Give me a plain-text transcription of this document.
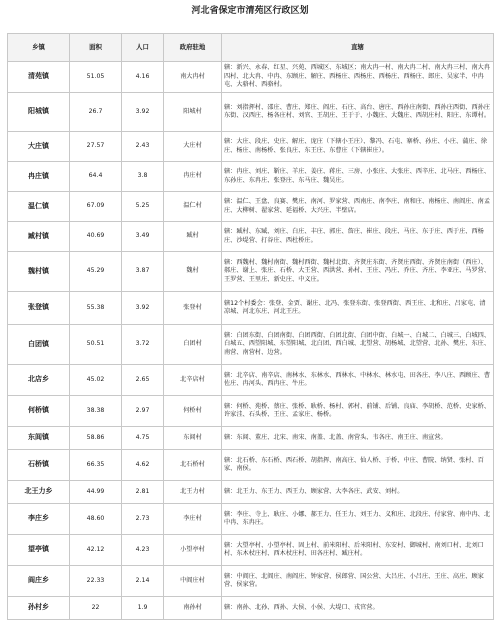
河北省保定市清苑区行政区划
乡镇	面积	人口	政府驻地	直辖
清苑镇	51.05	4.16	南大冉村	辖：新兴、永春、红星、兴苑、西城区、东城区；南大冉一村、南大冉二村、南大冉三村、南大冉四村、北大冉、中冉、东顾庄、解庄、西杨庄、西杨庄、西杨庄、西杨庄、郎庄、吴家半、中冉屯、大骆村、西骆村。
阳城镇	26.7	3.92	阳城村	辖：刘指挥村、邵庄、曹庄、郑庄、阎庄、石庄、高台、唐庄、西孙庄南街、西孙庄西街、西孙庄东街、汉西庄、杨各庄村、刘官、王胡庄、王于于、小魏庄、大魏庄、西胡庄村、阳庄、东谭村。
大庄镇	27.57	2.43	大庄村	辖：大庄、段庄、史庄、解庄、庞庄（下辖小王庄）、黎冯、石屯、寨桥、孙庄、小庄、蒲庄、徐庄、杨庄、南杨桥、张良庄、东王庄、东曹庄（下辖崔庄）。
冉庄镇	64.4	3.8	冉庄村	辖：冉庄、刘庄、靳庄、羊庄、姜庄、蒋庄、三房、小张庄、大张庄、西辛庄、北马庄、西杨庄、东孙庄、东冉庄、张登庄、东马庄、魏吴庄。
温仁镇	67.09	5.25	温仁村	辖：温仁、王盘、良赛、樊庄、南河、罗家营、西南庄、南李庄、南和庄、南杨庄、南阎庄、南孟庄、大柳树、翟家营、延福桥、大兴庄、半壁店。
臧村镇	40.69	3.49	臧村	辖：臧村、东臧、刘庄、白庄、丰庄、郭庄、詹庄、崔庄、段庄、马庄、东于庄、西于庄、西杨庄、沙堤营、打谷庄、西杜桥庄。
魏村镇	45.29	3.87	魏村	辖：西魏村、魏村南街、魏村西街、魏村北街、齐贤庄东街、齐贤庄西街、齐贤庄南街（西庄）、郝庄、谢上、张庄、石桥、大王营、西洪营、孙村、王庄、冯庄、乔庄、齐庄、李亚庄、马罗营、王罗营、王里庄、新史庄、中义庄。
张登镇	55.38	3.92	张登村	辖12个村委会：张登、金贾、谢庄、北冯、张登东街、张登西街、西王庄、北和庄、吕家屯、清凉城、河北东庄、河北王庄。
白团镇	50.51	3.72	白团村	辖：白团东街、白团南街、白团西街、白团北街、白团中街、白城一、白城二、白城三、白城四、白城五、西望阳城、东望阳城、北白团、西白城、北望营、胡杨城、北望营、北孙、樊庄、东庄、南营、南营村、边营。
北店乡	45.02	2.65	北辛店村	辖：北辛店、南辛店、南林水、东林水、西林水、中林水、林水屯、田各庄、李八庄、西顾庄、曹佐庄、冉河头、西冉庄、牛庄。
何桥镇	38.38	2.97	何桥村	辖：何桥、苑桥、蔡庄、张桥、耿桥、杨村、郭村、前铺、后铺、良庙、李胡桥、范桥、史家桥、许家洼、石头桥、王庄、孟家庄、杨桥。
东闾镇	58.86	4.75	东闾村	辖：东闾、董庄、北宋、南宋、南盖、北盖、南营头、韦各庄、南王庄、南宣营。
石桥镇	66.35	4.62	北石桥村	辖：北石桥、东石桥、西石桥、胡指挥、南高庄、仙人桥、于桥、中庄、曹院、纳贤、张村、百家、南侯。
北王力乡	44.99	2.81	北王力村	辖：北王力、东王力、西王力、顾家营、大李各庄、武安、刘村。
李庄乡	48.60	2.73	李庄村	辖：李庄、寺上、耿庄、小娜、郝王力、任王力、刘王力、义和庄、北段庄、付家营、南中冉、北中冉、东冉庄。
望亭镇	42.12	4.23	小望亭村	辖：大望亭村、小望亭村、固上村、前米阳村、后米阳村、东安村、御城村、南刘口村、北刘口村、东木杖庄村、西木杖庄村、田各庄村、臧庄村。
阎庄乡	22.33	2.14	中阎庄村	辖：中阎庄、北阎庄、南阎庄、钟家营、侯郎营、国公营、大吕庄、小吕庄、王庄、高庄、顾家营、侯家营。
孙村乡	22	1.9	南孙村	辖：南孙、北孙、西孙、大侯、小侯、大堤口、戎官营。
